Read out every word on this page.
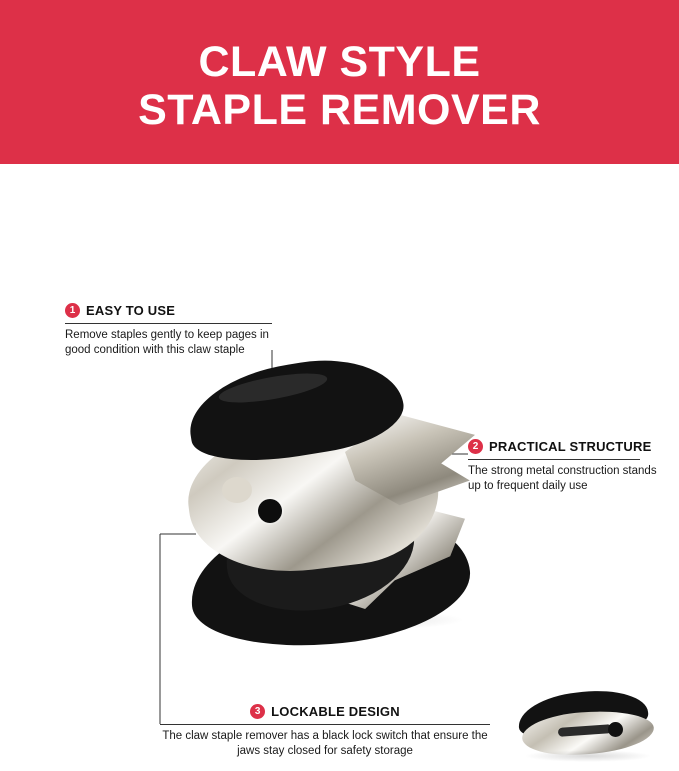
CLAW STYLE
STAPLE REMOVER
1 EASY TO USE
Remove staples gently to keep pages in good condition with this claw staple
2 PRACTICAL STRUCTURE
The strong metal construction stands up to frequent daily use
3 LOCKABLE DESIGN
The claw staple remover has a black lock switch that ensure the jaws stay closed for safety storage
